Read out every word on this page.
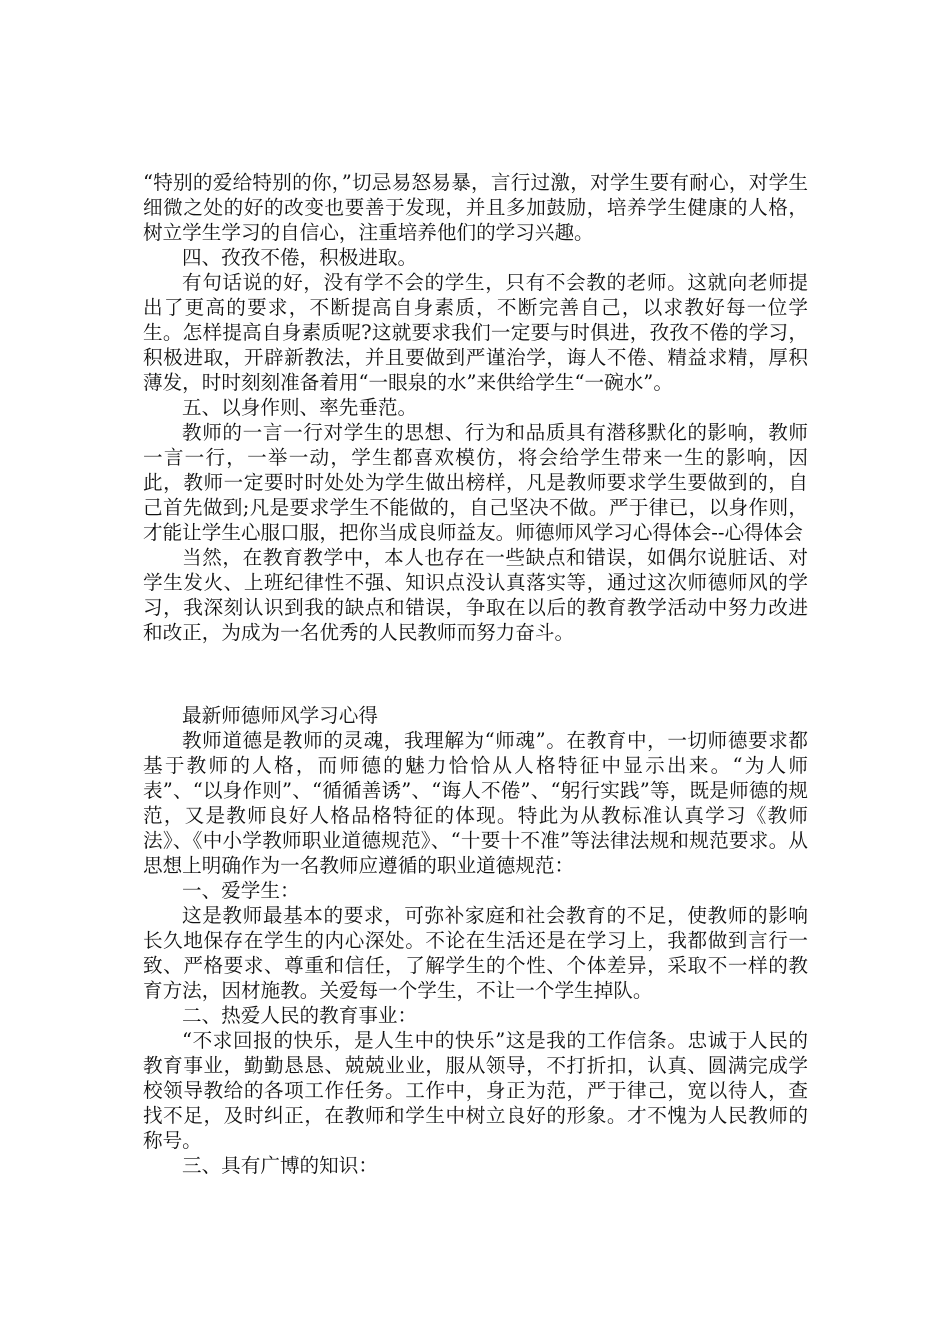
“特别的爱给特别的你，”切忌易怒易暴，言行过激，对学生要有耐心，对学生细微之处的好的改变也要善于发现，并且多加鼓励，培养学生健康的人格，树立学生学习的自信心，注重培养他们的学习兴趣。

四、孜孜不倦，积极进取。

有句话说的好，没有学不会的学生，只有不会教的老师。这就向老师提出了更高的要求，不断提高自身素质，不断完善自己，以求教好每一位学生。怎样提高自身素质呢?这就要求我们一定要与时俱进，孜孜不倦的学习，积极进取，开辟新教法，并且要做到严谨治学，诲人不倦、精益求精，厚积薄发，时时刻刻准备着用“一眼泉的水”来供给学生“一碗水”。

五、以身作则、率先垂范。

教师的一言一行对学生的思想、行为和品质具有潜移默化的影响，教师一言一行，一举一动，学生都喜欢模仿，将会给学生带来一生的影响，因此，教师一定要时时处处为学生做出榜样，凡是教师要求学生要做到的，自己首先做到;凡是要求学生不能做的，自己坚决不做。严于律已，以身作则，才能让学生心服口服，把你当成良师益友。师德师风学习心得体会--心得体会

当然，在教育教学中，本人也存在一些缺点和错误，如偶尔说脏话、对学生发火、上班纪律性不强、知识点没认真落实等，通过这次师德师风的学习，我深刻认识到我的缺点和错误，争取在以后的教育教学活动中努力改进和改正，为成为一名优秀的人民教师而努力奋斗。

最新师德师风学习心得

教师道德是教师的灵魂，我理解为“师魂”。在教育中，一切师德要求都基于教师的人格，而师德的魅力恰恰从人格特征中显示出来。“为人师表”、“以身作则”、“循循善诱”、“诲人不倦”、“躬行实践”等，既是师德的规范，又是教师良好人格品格特征的体现。特此为从教标准认真学习《教师法》、《中小学教师职业道德规范》、“十要十不准”等法律法规和规范要求。从思想上明确作为一名教师应遵循的职业道德规范：

一、爱学生：

这是教师最基本的要求，可弥补家庭和社会教育的不足，使教师的影响长久地保存在学生的内心深处。不论在生活还是在学习上，我都做到言行一致、严格要求、尊重和信任，了解学生的个性、个体差异，采取不一样的教育方法，因材施教。关爱每一个学生，不让一个学生掉队。

二、热爱人民的教育事业：

“不求回报的快乐，是人生中的快乐”这是我的工作信条。忠诚于人民的教育事业，勤勤恳恳、兢兢业业，服从领导，不打折扣，认真、圆满完成学校领导教给的各项工作任务。工作中，身正为范，严于律己，宽以待人，查找不足，及时纠正，在教师和学生中树立良好的形象。才不愧为人民教师的称号。

三、具有广博的知识：
